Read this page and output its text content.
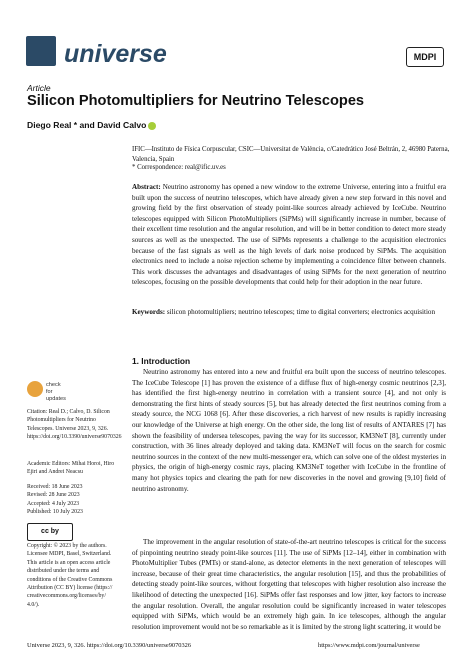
universe	MDPI
Article
Silicon Photomultipliers for Neutrino Telescopes
Diego Real * and David Calvo
IFIC—Instituto de Física Corpuscular, CSIC—Universitat de València, c/Catedrático José Beltrán, 2, 46980 Paterna, Valencia, Spain
* Correspondence: real@ific.uv.es
Abstract: Neutrino astronomy has opened a new window to the extreme Universe, entering into a fruitful era built upon the success of neutrino telescopes, which have already given a new step forward in this novel and growing field by the first observation of steady point-like sources already achieved by IceCube. Neutrino telescopes equipped with Silicon PhotoMultipliers (SiPMs) will significantly increase in number, because of their excellent time resolution and the angular resolution, and will be in better condition to detect more steady sources as well as the unexpected. The use of SiPMs represents a challenge to the acquisition electronics because of the fast signals as well as the high levels of dark noise produced by SiPMs. The acquisition electronics need to include a noise rejection scheme by implementing a coincidence filter between channels. This work discusses the advantages and disadvantages of using SiPMs for the next generation of neutrino telescopes, focusing on the possible developments that could help for their adoption in the near future.
Keywords: silicon photomultipliers; neutrino telescopes; time to digital converters; electronics acquisition
1. Introduction
Neutrino astronomy has entered into a new and fruitful era built upon the success of neutrino telescopes. The IceCube Telescope [1] has proven the existence of a diffuse flux of high-energy cosmic neutrinos [2,3], has identified the first high-energy neutrino in correlation with a transient source [4], and not only is demonstrating the first hints of steady sources [5], but has already detected the first neutrinos coming from a steady source, the NCG 1068 [6]. After these discoveries, a rich harvest of new results is rapidly increasing our knowledge of the Universe at high energy. On the other side, the long list of results of ANTARES [7] has shown the feasibility of undersea telescopes, paving the way for its successor, KM3NeT [8], currently under construction, with 36 lines already deployed and taking data. KM3NeT will focus on the search for cosmic neutrino sources in the context of the new multi-messenger era, which can solve one of the oldest mysteries in physics, the origin of high-energy cosmic rays, placing KM3NeT together with IceCube in the frontline of many hot physics topics and clearing the path for new discoveries in the novel and growing [9,10] field of neutrino astronomy.
The improvement in the angular resolution of state-of-the-art neutrino telescopes is critical for the success of pinpointing neutrino steady point-like sources [11]. The use of SiPMs [12–14], either in combination with PhotoMultiplier Tubes (PMTs) or stand-alone, as detector elements in the next generation of telescopes will increase, because of their great time characteristics, the angular resolution [15], and thus the probabilities of detecting steady point-like sources, without forgetting that telescopes with higher resolution also increase the likelihood of detecting the unexpected [16]. SiPMs offer fast responses and low jitter, key factors to increase the angular resolution. Overall, the angular resolution could be significantly increased in water telescopes equipped with SiPMs, which would be an extremely high gain. In ice telescopes, although the angular resolution improvement would not be so remarkable as it is limited by the strong light scattering, it would be
check for updates
Citation: Real D.; Calvo, D. Silicon Photomultipliers for Neutrino Telescopes. Universe 2023, 9, 326. https://doi.org/10.3390/universe9070326
Academic Editors: Mihai Horoi, Hiro Ejiri and Andrei Neacsu
Received: 18 June 2023
Revised: 28 June 2023
Accepted: 4 July 2023
Published: 10 July 2023
cc by
Copyright: © 2023 by the authors. Licensee MDPI, Basel, Switzerland. This article is an open access article distributed under the terms and conditions of the Creative Commons Attribution (CC BY) license (https:// creativecommons.org/licenses/by/ 4.0/).
Universe 2023, 9, 326. https://doi.org/10.3390/universe9070326	https://www.mdpi.com/journal/universe
